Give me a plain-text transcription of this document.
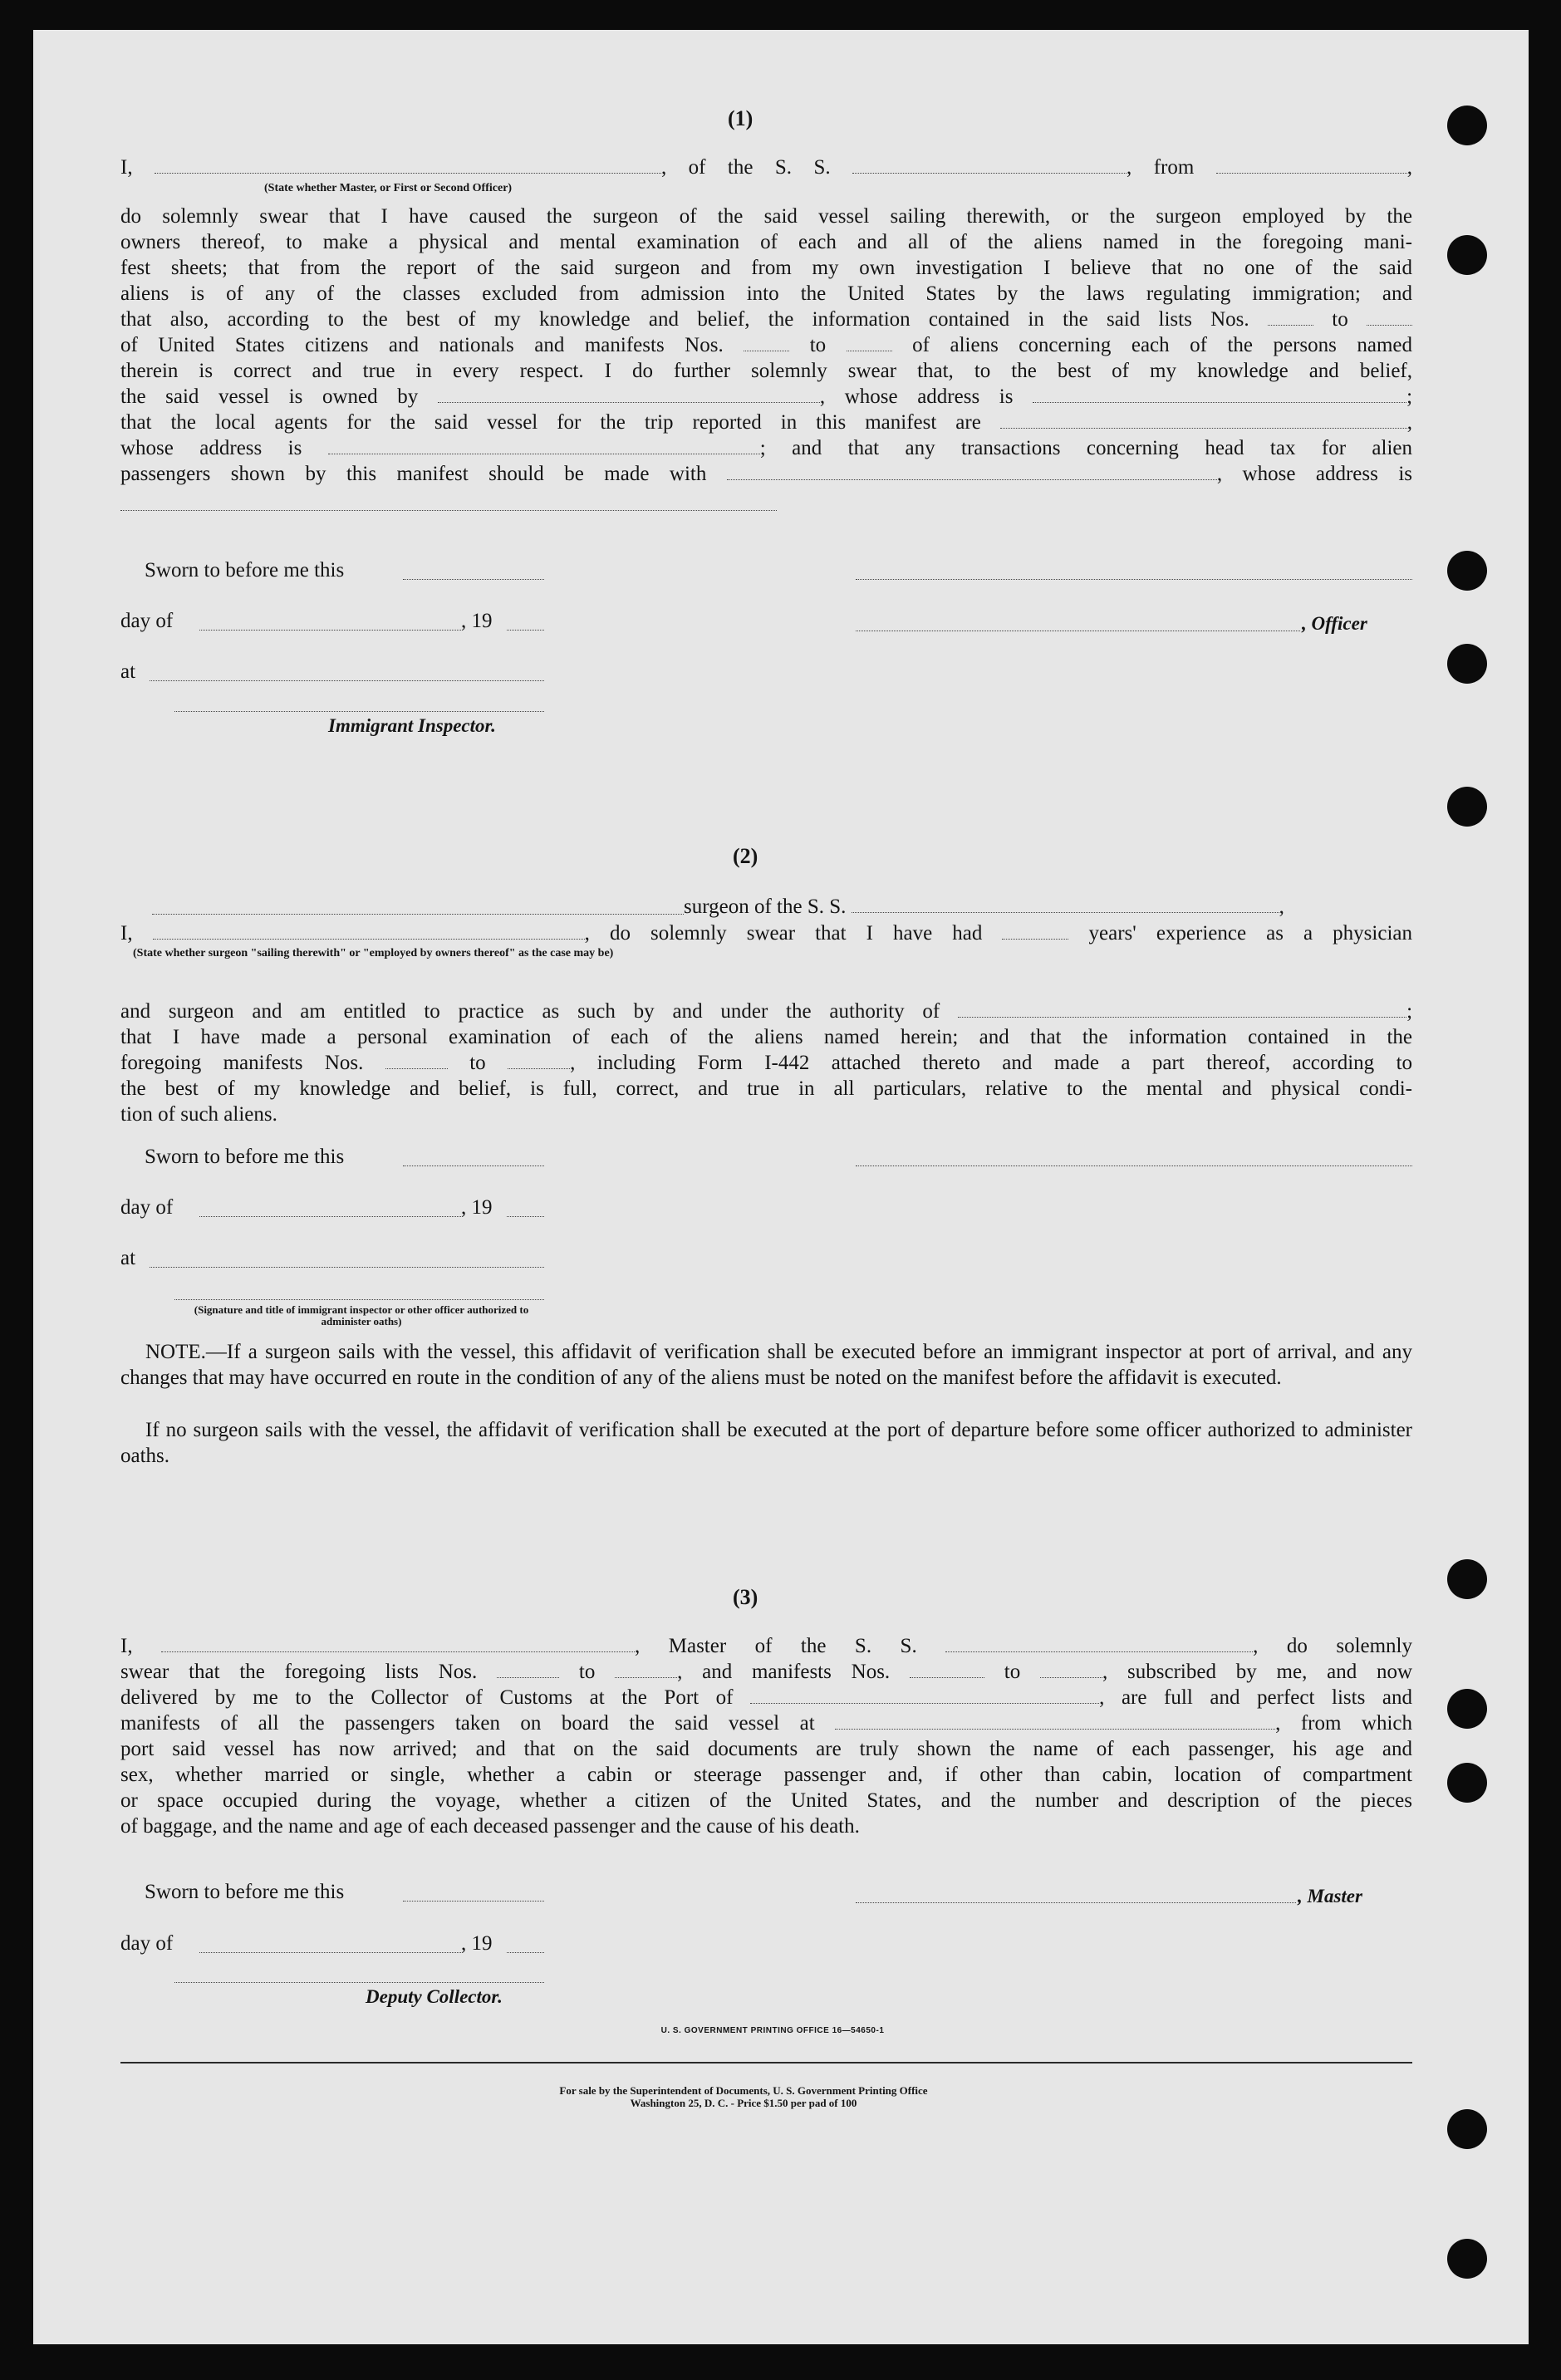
(1)
I,	, of the S. S.	, from	,
(State whether Master, or First or Second Officer)
do solemnly swear that I have caused the surgeon of the said vessel sailing therewith, or the surgeon employed by the
owners thereof, to make a physical and mental examination of each and all of the aliens named in the foregoing mani-
fest sheets; that from the report of the said surgeon and from my own investigation I believe that no one of the said
aliens is of any of the classes excluded from admission into the United States by the laws regulating immigration; and
that also, according to the best of my knowledge and belief, the information contained in the said lists Nos.	to
of United States citizens and nationals and manifests Nos.	to	of aliens concerning each of the persons named
therein is correct and true in every respect. I do further solemnly swear that, to the best of my knowledge and belief,
the said vessel is owned by	, whose address is	;
that the local agents for the said vessel for the trip reported in this manifest are	,
whose address is	; and that any transactions concerning head tax for alien
passengers shown by this manifest should be made with	, whose address is
Sworn to before me this
day of	, 19	, Officer
at
Immigrant Inspector.
(2)
surgeon of the S. S.	,
I,	, do solemnly swear that I have had	years' experience as a physician
(State whether surgeon "sailing therewith" or "employed by owners thereof" as the case may be)
and surgeon and am entitled to practice as such by and under the authority of	;
that I have made a personal examination of each of the aliens named herein; and that the information contained in the
foregoing manifests Nos.	to	, including Form I-442 attached thereto and made a part thereof, according to
the best of my knowledge and belief, is full, correct, and true in all particulars, relative to the mental and physical condi-
tion of such aliens.
Sworn to before me this
day of	, 19
at
(Signature and title of immigrant inspector or other officer authorized to administer oaths)
NOTE.—If a surgeon sails with the vessel, this affidavit of verification shall be executed before an immigrant inspector at port of arrival, and any changes that may have occurred en route in the condition of any of the aliens must be noted on the manifest before the affidavit is executed.
If no surgeon sails with the vessel, the affidavit of verification shall be executed at the port of departure before some officer authorized to administer oaths.
(3)
I,	, Master of the S. S.	, do solemnly
swear that the foregoing lists Nos.	to	, and manifests Nos.	to	, subscribed by me, and now
delivered by me to the Collector of Customs at the Port of	, are full and perfect lists and
manifests of all the passengers taken on board the said vessel at	, from which
port said vessel has now arrived; and that on the said documents are truly shown the name of each passenger, his age and
sex, whether married or single, whether a cabin or steerage passenger and, if other than cabin, location of compartment
or space occupied during the voyage, whether a citizen of the United States, and the number and description of the pieces
of baggage, and the name and age of each deceased passenger and the cause of his death.
Sworn to before me this	, Master
day of	, 19
Deputy Collector.
U. S. GOVERNMENT PRINTING OFFICE 16—54650-1
For sale by the Superintendent of Documents, U. S. Government Printing Office
Washington 25, D. C. - Price $1.50 per pad of 100
